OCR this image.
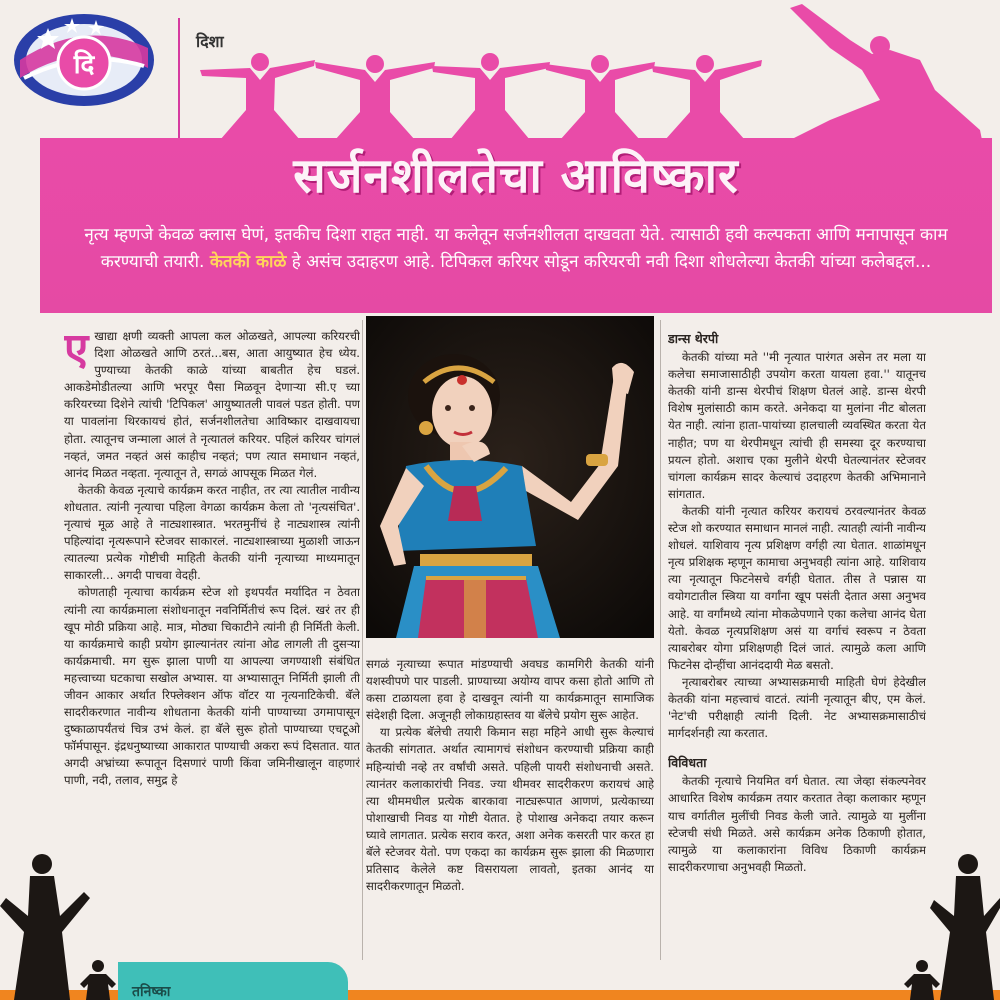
दि
दिशा
सर्जनशीलतेचा आविष्कार
नृत्य म्हणजे केवळ क्लास घेणं, इतकीच दिशा राहत नाही. या कलेतून सर्जनशीलता दाखवता येते. त्यासाठी हवी कल्पकता आणि मनापासून काम करण्याची तयारी. केतकी काळे हे असंच उदाहरण आहे. टिपिकल करियर सोडून करियरची नवी दिशा शोधलेल्या केतकी यांच्या कलेबद्दल...
ए खाद्या क्षणी व्यक्ती आपला कल ओळखते, आपल्या करियरची दिशा ओळखते आणि ठरतं...बस, आता आयुष्यात हेच ध्येय. पुण्याच्या केतकी काळे यांच्या बाबतीत हेच घडलं. आकडेमोडीतल्या आणि भरपूर पैसा मिळवून देणाऱ्या सी.ए च्या करियरच्या दिशेने त्यांची 'टिपिकल' आयुष्यातली पावलं पडत होती. पण या पावलांना थिरकायचं होतं, सर्जनशीलतेचा आविष्कार दाखवायचा होता. त्यातूनच जन्माला आलं ते नृत्यातलं करियर. पहिलं करियर चांगलं नव्हतं, जमत नव्हतं असं काहीच नव्हतं; पण त्यात समाधान नव्हतं, आनंद मिळत नव्हता. नृत्यातून ते, सगळं आपसूक मिळत गेलं.

केतकी केवळ नृत्याचे कार्यक्रम करत नाहीत, तर त्या त्यातील नावीन्य शोधतात. त्यांनी नृत्याचा पहिला वेगळा कार्यक्रम केला तो 'नृत्यसंचित'. नृत्याचं मूळ आहे ते नाट्यशास्त्रात. भरतमुनींचं हे नाट्यशास्त्र त्यांनी पहिल्यांदा नृत्यरूपाने स्टेजवर साकारलं. नाट्यशास्त्राच्या मुळाशी जाऊन त्यातल्या प्रत्येक गोष्टीची माहिती केतकी यांनी नृत्याच्या माध्यमातून साकारली... अगदी पाचवा वेदही.

कोणताही नृत्याचा कार्यक्रम स्टेज शो इथपर्यंत मर्यादित न ठेवता त्यांनी त्या कार्यक्रमाला संशोधनातून नवनिर्मितीचं रूप दिलं. खरं तर ही खूप मोठी प्रक्रिया आहे. मात्र, मोठ्या चिकाटीने त्यांनी ही निर्मिती केली. या कार्यक्रमाचे काही प्रयोग झाल्यानंतर त्यांना ओढ लागली ती दुसऱ्या कार्यक्रमाची. मग सुरू झाला पाणी या आपल्या जगण्याशी संबंधित महत्त्वाच्या घटकाचा सखोल अभ्यास. या अभ्यासातून निर्मिती झाली ती जीवन आकार अर्थात रिफ्लेक्शन ऑफ वॉटर या नृत्यनाटिकेची. बॅले सादरीकरणात नावीन्य शोधताना केतकी यांनी पाण्याच्या उगमापासून दुष्काळापर्यंतचं चित्र उभं केलं. हा बॅले सुरू होतो पाण्याच्या एचटूओ फॉर्मपासून. इंद्रधनुष्याच्या आकारात पाण्याची अकरा रूपं दिसतात. यात अगदी अभ्रांच्या रूपातून दिसणारं पाणी किंवा जमिनीखालून वाहणारं पाणी, नदी, तलाव, समुद्र हे

सगळं नृत्याच्या रूपात मांडण्याची अवघड कामगिरी केतकी यांनी यशस्वीपणे पार पाडली. प्राण्याच्या अयोग्य वापर कसा होतो आणि तो कसा टाळायला हवा हे दाखवून त्यांनी या कार्यक्रमातून सामाजिक संदेशही दिला. अजूनही लोकाग्रहास्तव या बॅलेचे प्रयोग सुरू आहेत.

या प्रत्येक बॅलेची तयारी किमान सहा महिने आधी सुरू केल्याचं केतकी सांगतात. अर्थात त्यामागचं संशोधन करण्याची प्रक्रिया काही महिन्यांची नव्हे तर वर्षांची असते. पहिली पायरी संशोधनाची असते. त्यानंतर कलाकारांची निवड. ज्या थीमवर सादरीकरण करायचं आहे त्या थीममधील प्रत्येक बारकावा नाट्यरूपात आणणं, प्रत्येकाच्या पोशाखाची निवड या गोष्टी येतात. हे पोशाख अनेकदा तयार करून घ्यावे लागतात. प्रत्येक सराव करत, अशा अनेक कसरती पार करत हा बॅले स्टेजवर येतो. पण एकदा का कार्यक्रम सुरू झाला की मिळणारा प्रतिसाद केलेले कष्ट विसरायला लावतो, इतका आनंद या सादरीकरणातून मिळतो.

डान्स थेरपी

केतकी यांच्या मते ''मी नृत्यात पारंगत असेन तर मला या कलेचा समाजासाठीही उपयोग करता यायला हवा.'' यातूनच केतकी यांनी डान्स थेरपीचं शिक्षण घेतलं आहे. डान्स थेरपी विशेष मुलांसाठी काम करते. अनेकदा या मुलांना नीट बोलता येत नाही. त्यांना हाता-पायांच्या हालचाली व्यवस्थित करता येत नाहीत; पण या थेरपीमधून त्यांची ही समस्या दूर करण्याचा प्रयत्न होतो. अशाच एका मुलीने थेरपी घेतल्यानंतर स्टेजवर चांगला कार्यक्रम सादर केल्याचं उदाहरण केतकी अभिमानाने सांगतात.

केतकी यांनी नृत्यात करियर करायचं ठरवल्यानंतर केवळ स्टेज शो करण्यात समाधान मानलं नाही. त्यातही त्यांनी नावीन्य शोधलं. याशिवाय नृत्य प्रशिक्षण वर्गही त्या घेतात. शाळांमधून नृत्य प्रशिक्षक म्हणून कामाचा अनुभवही त्यांना आहे. याशिवाय त्या नृत्यातून फिटनेसचे वर्गही घेतात. तीस ते पन्नास या वयोगटातील स्त्रिया या वर्गांना खूप पसंती देतात असा अनुभव आहे. या वर्गांमध्ये त्यांना मोकळेपणाने एका कलेचा आनंद घेता येतो. केवळ नृत्यप्रशिक्षण असं या वर्गाचं स्वरूप न ठेवता त्याबरोबर योगा प्रशिक्षणही दिलं जातं. त्यामुळे कला आणि फिटनेस दोन्हींचा आनंददायी मेळ बसतो.

नृत्याबरोबर त्याच्या अभ्यासक्रमाची माहिती घेणं हेदेखील केतकी यांना महत्त्वाचं वाटतं. त्यांनी नृत्यातून बीए, एम केलं. 'नेट'ची परीक्षाही त्यांनी दिली. नेट अभ्यासक्रमासाठीचं मार्गदर्शनही त्या करतात.

विविधता

केतकी नृत्याचे नियमित वर्ग घेतात. त्या जेव्हा संकल्पनेवर आधारित विशेष कार्यक्रम तयार करतात तेव्हा कलाकार म्हणून याच वर्गातील मुलींची निवड केली जाते. त्यामुळे या मुलींना स्टेजची संधी मिळते. असे कार्यक्रम अनेक ठिकाणी होतात, त्यामुळे या कलाकारांना विविध ठिकाणी कार्यक्रम सादरीकरणाचा अनुभवही मिळतो.

तनिष्का
